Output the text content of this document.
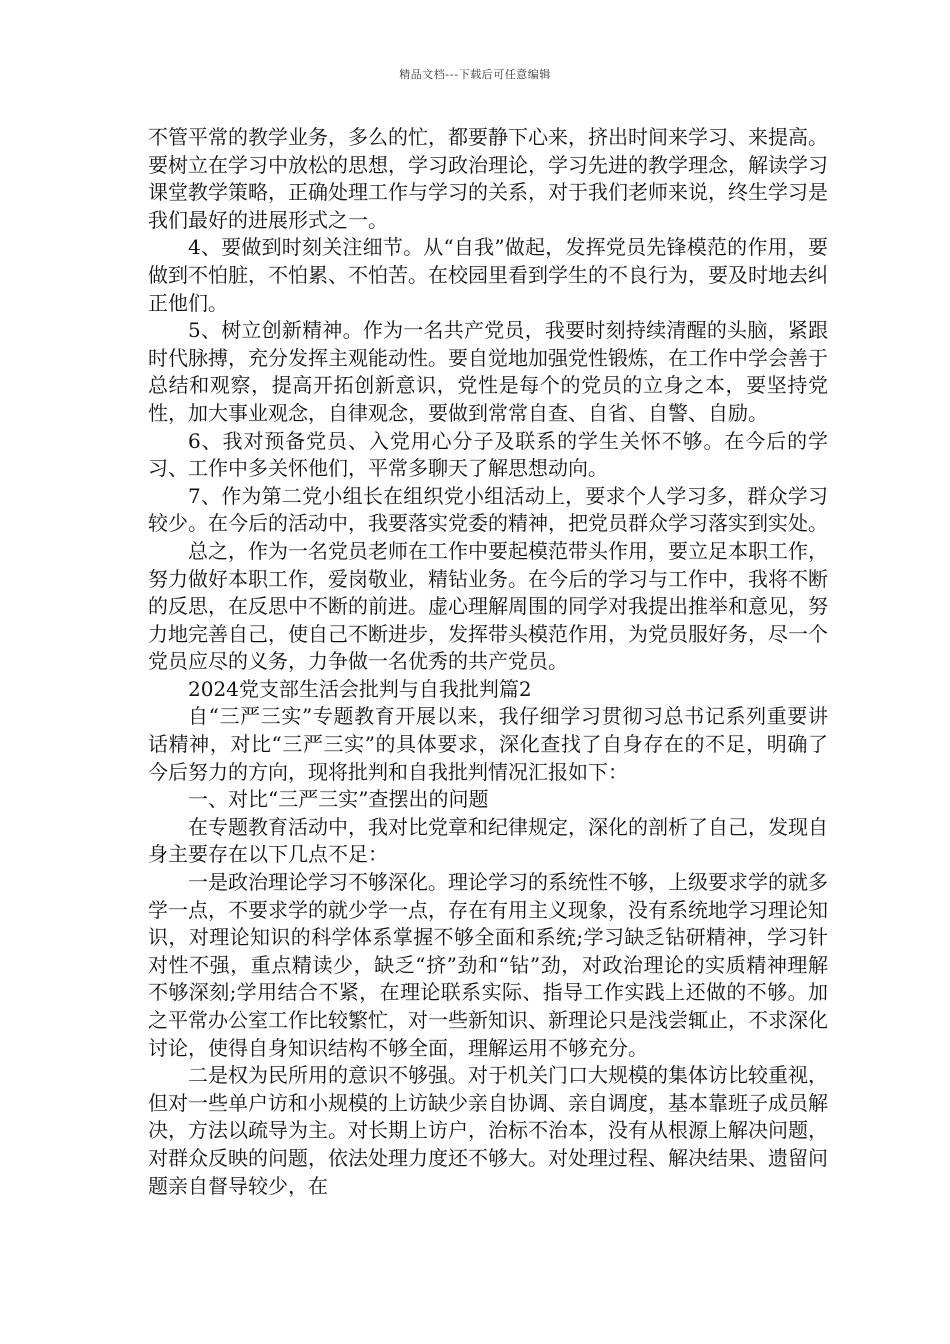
精品文档---下载后可任意编辑

不管平常的教学业务，多么的忙，都要静下心来，挤出时间来学习、来提高。要树立在学习中放松的思想，学习政治理论，学习先进的教学理念，解读学习课堂教学策略，正确处理工作与学习的关系，对于我们老师来说，终生学习是我们最好的进展形式之一。

4、要做到时刻关注细节。从“自我”做起，发挥党员先锋模范的作用，要做到不怕脏，不怕累、不怕苦。在校园里看到学生的不良行为，要及时地去纠正他们。

5、树立创新精神。作为一名共产党员，我要时刻持续清醒的头脑，紧跟时代脉搏，充分发挥主观能动性。要自觉地加强党性锻炼，在工作中学会善于总结和观察，提高开拓创新意识，党性是每个的党员的立身之本，要坚持党性，加大事业观念，自律观念，要做到常常自查、自省、自警、自励。

6、我对预备党员、入党用心分子及联系的学生关怀不够。在今后的学习、工作中多关怀他们，平常多聊天了解思想动向。

7、作为第二党小组长在组织党小组活动上，要求个人学习多，群众学习较少。在今后的活动中，我要落实党委的精神，把党员群众学习落实到实处。

总之，作为一名党员老师在工作中要起模范带头作用，要立足本职工作，努力做好本职工作，爱岗敬业，精钻业务。在今后的学习与工作中，我将不断的反思，在反思中不断的前进。虚心理解周围的同学对我提出推举和意见，努力地完善自己，使自己不断进步，发挥带头模范作用，为党员服好务，尽一个党员应尽的义务，力争做一名优秀的共产党员。

2024党支部生活会批判与自我批判篇2

自“三严三实”专题教育开展以来，我仔细学习贯彻习总书记系列重要讲话精神，对比“三严三实”的具体要求，深化查找了自身存在的不足，明确了今后努力的方向，现将批判和自我批判情况汇报如下：

一、对比“三严三实”查摆出的问题

在专题教育活动中，我对比党章和纪律规定，深化的剖析了自己，发现自身主要存在以下几点不足：

一是政治理论学习不够深化。理论学习的系统性不够，上级要求学的就多学一点，不要求学的就少学一点，存在有用主义现象，没有系统地学习理论知识，对理论知识的科学体系掌握不够全面和系统;学习缺乏钻研精神，学习针对性不强，重点精读少，缺乏“挤”劲和“钻”劲，对政治理论的实质精神理解不够深刻;学用结合不紧，在理论联系实际、指导工作实践上还做的不够。加之平常办公室工作比较繁忙，对一些新知识、新理论只是浅尝辄止，不求深化讨论，使得自身知识结构不够全面，理解运用不够充分。

二是权为民所用的意识不够强。对于机关门口大规模的集体访比较重视，但对一些单户访和小规模的上访缺少亲自协调、亲自调度，基本靠班子成员解决，方法以疏导为主。对长期上访户，治标不治本，没有从根源上解决问题，对群众反映的问题，依法处理力度还不够大。对处理过程、解决结果、遗留问题亲自督导较少，在
